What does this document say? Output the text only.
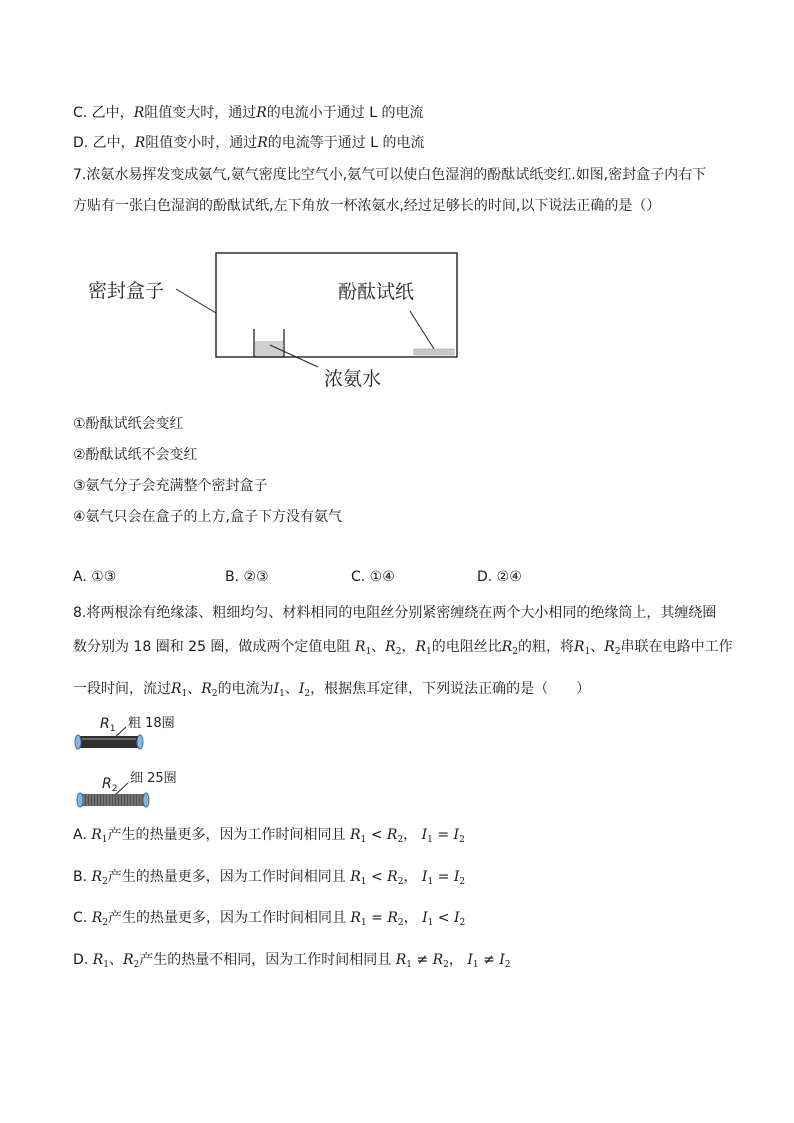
C. 乙中，R阻值变大时，通过R的电流小于通过 L 的电流
D. 乙中，R阻值变小时，通过R的电流等于通过 L 的电流
7.浓氨水易挥发变成氨气,氨气密度比空气小,氨气可以使白色湿润的酚酞试纸变红.如图,密封盒子内右下
方贴有一张白色湿润的酚酞试纸,左下角放一杯浓氨水,经过足够长的时间,以下说法正确的是（）
密封盒子	酚酞试纸
浓氨水
①酚酞试纸会变红
②酚酞试纸不会变红
③氨气分子会充满整个密封盒子
④氨气只会在盒子的上方,盒子下方没有氨气
A. ①③	B. ②③	C. ①④	D. ②④
8.将两根涂有绝缘漆、粗细均匀、材料相同的电阻丝分别紧密缠绕在两个大小相同的绝缘筒上，其缠绕圈
数分别为 18 圈和 25 圈，做成两个定值电阻 $R_1$、$R_2$，$R_1$的电阻丝比$R_2$的粗，将$R_1$、$R_2$串联在电路中工作
一段时间，流过$R_1$、$R_2$的电流为$I_1$、$I_2$，根据焦耳定律，下列说法正确的是（　　）
$R_1$ 粗 18圈
$R_2$
细 25圈
A. $R_1$产生的热量更多，因为工作时间相同且 $R_1 < R_2$， $I_1 = I_2$
B. $R_2$产生的热量更多，因为工作时间相同且 $R_1 < R_2$， $I_1 = I_2$
C. $R_2$产生的热量更多，因为工作时间相同且 $R_1 = R_2$， $I_1 < I_2$
D. $R_1$、$R_2$产生的热量不相同，因为工作时间相同且 $R_1 \ne R_2$， $I_1 \ne I_2$
